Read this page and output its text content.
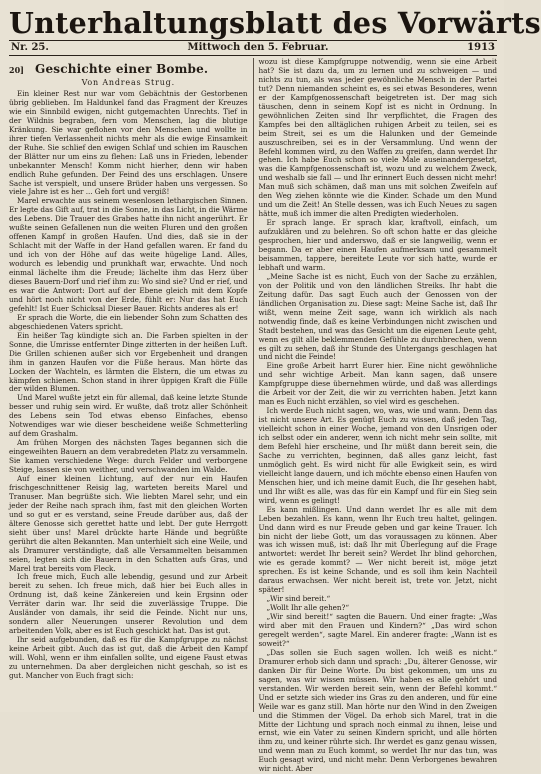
Unterhaltungsblatt des Vorwärts
Nr. 25.	Mittwoch den 5. Februar.	1913
20] Geschichte einer Bombe.
Von Andreas Strug.

Ein kleiner Rest nur war vom Gebächtnis der Gestorbenen übrig geblieben. Im Haldunkel fand das Fragment der Kreuzes wie ein Sinnbild ewigen, nicht gutgemachten Unrechts. Tief in der Wildnis begraben, fern vom Menschen, lag die blutige Kränkung. Sie war geflohen vor den Menschen und wollte in ihrer tiefen Verlassenheit nichts mehr als die ewige Einsamkeit der Ruhe. Sie schlief den ewigen Schlaf und schien im Rauschen der Blätter nur um eins zu flehen: Laß uns in Frieden, lebender unbekannter Mensch! Komm nicht hierher, denn wir haben endlich Ruhe gefunden. Der Feind des uns erschlagen. Unsere Sache ist verspielt, und unsere Brüder haben uns vergessen. So viele Jahre ist es her ... Geh fort und vergiß!

Marel erwachte aus seinem wesenlosen lethargischen Sinnen. Er legte das Gift auf, trat in die Sonne, in das Licht, in die Wärme des Lebens. Die Trauer des Grabes hatte ihn nicht angerührt. Er wußte seinen Gefallenen nun die weiten Fluren und den großen offenen Kampf in großen Haufen. Und dies, daß sie in der Schlacht mit der Waffe in der Hand gefallen waren. Er fand du und ich von der Höhe auf das weite hügelige Land. Alles, wodurch es lebendig und prunkhaft war, erwachte. Und noch einmal lächelte ihm die Freude; lächelte ihm das Herz über dieses Bauern-Dorf und rief ihm zu: Wo sind sie? Und er rief, und es war die Antwort: Dort auf der Ebene gleich mit dem Kopfe und hört noch nicht von der Erde, fühlt er: Nur das hat Euch gefehlt! Ist Euer Schicksal Dieser Bauer. Richts anderes als er!

Er sprach die Worte, die ein liebender Sohn zum Schatten des abgeschiedenen Vaters spricht.

Ein heißer Tag kündigte sich an. Die Farben spielten in der Sonne, die Umrisse entfernter Dinge zitterten in der heißen Luft. Die Grillen schienen außer sich vor Ergebenheit und drangen ihm in ganzen Haufen vor die Füße heraus. Man hörte das Locken der Wachteln, es lärmten die Elstern, die um etwas zu kämpfen schienen. Schon stand in ihrer üppigen Kraft die Fülle der wilden Blumen.

Und Marel wußte jetzt ein für allemal, daß keine letzte Stunde besser und ruhig sein wird. Er wußte, daß trotz aller Schönheit des Lebens sein Tod etwas ebenso Einfaches, ebenso Notwendiges war wie dieser bescheidene weiße Schmetterling auf dem Grashalm.

Am frühen Morgen des nächsten Tages begannen sich die eingeweihten Bauern an dem verabredeten Platz zu versammeln. Sie kamen verschiedene Wege: durch Felder und verborgene Steige, lassen sie von weither, und verschwanden im Walde.

Auf einer kleinen Lichtung, auf der nur ein Haufen frischgeschnittener Reisig lag, warteten bereits Marel und Tranuser. Man begrüßte sich. Wie liebten Marel sehr, und ein jeder der Reihe nach sprach ihm, fast mit den gleichen Worten und so gut er es verstand, seine Freude darüber aus, daß der ältere Genosse sich gerettet hatte und lebt. Der gute Herrgott sieht über uns! Marel drückte harte Hände und begrüßte gerührt die alten Bekannten. Man unterhielt sich eine Weile, und als Dramurer verständigte, daß alle Versammelten beisammen seien, legten sich die Bauern in den Schatten aufs Gras, und Marel trat bereits vom Fleck.

Ich freue mich, Euch alle lebendig, gesund und zur Arbeit bereit zu sehen. Ich freue mich, daß hier bei Euch alles in Ordnung ist, daß keine Zänkereien und kein Ergsinn oder Verräter darin war. Ihr seid die zuverlässige Truppe. Die Ausländer von damals, ihr seid die Feinde. Nicht nur uns, sondern aller Neuerungen unserer Revolution und dem arbeitenden Volk, aber es ist Euch geschickt hat. Das ist gut.

Ihr seid aufgebunden, daß es für die Kampfgruppe zu nächst keine Arbeit gibt. Auch das ist gut, daß die Arbeit den Kampf will. Wohl, wenn er ihm einfallen sollte, und eigene Faust etwas zu unternehmen. Da aber dergleichen nicht geschah, so ist es gut. Mancher von Euch fragt sich:

wozu ist diese Kampfgruppe notwendig, wenn sie eine Arbeit hat? Sie ist dazu da, um zu lernen und zu schweigen — und nichts zu tun, als was jeder gewöhnliche Mensch in der Partei tut? Denn niemanden scheint es, es sei etwas Besonderes, wenn er der Kampfgenossenschaft beigetreten ist. Der mag sich täuschen, denn in seinem Kopf ist es nicht in Ordnung. In gewöhnlichen Zeiten sind Ihr verpflichtet, die Fragen des Kampfes bei den alltäglichen ruhigen Arbeit zu teilen, sei es beim Streit, sei es um die Halunken und der Gemeinde auszuschreiben, sei es in der Versammlung. Und wenn der Befehl kommen wird, zu den Waffen zu greifen, dann werdet Ihr gehen. Ich habe Euch schon so viele Male auseinandergesetzt, was die Kampfgenossenschaft ist, wozu und zu welchem Zweck, und weshalb sie fall — und Ihr erinnert Euch dessen nicht mehr! Man muß sich schämen, daß man uns mit solchen Zweifeln auf den Weg ziehen könnte wie die Kinder. Schade um den Mund und um die Zeit! An Stelle dessen, was ich Euch Neues zu sagen hätte, muß ich immer die alten Predigten wiederholen.

Er sprach lange. Er sprach klar, kraftvoll, einfach, um aufzuklären und zu belehren. So oft schon hatte er das gleiche gesprochen, hier und anderswo, daß er sie langweilig, wenn er begann. Da er aber einen Haufen aufmerksam und gesammelt beisammen, tappere, bereitete Leute vor sich hatte, wurde er lebhaft und warm.

„Meine Sache ist es nicht, Euch von der Sache zu erzählen, von der Politik und von den ländlichen Streiks. Ihr habt die Zeitung dafür. Das sagt Euch auch der Genossen von der ländlichen Organisation zu. Diese sagt: Meine Sache ist, daß Ihr wißt, wenn meine Zeit sage, wann ich wirklich als nach notwendig finde, daß es keine Verbindungen nicht zwischen und Stadt bestehen, und was das Gesicht um die eigenen Leute geht, wenn es gilt alle beklemmenden Gefühle zu durchbrechen, wenn es gilt zu sehen, daß ihr Stunde des Untergangs geschlagen hat und nicht die Feinde!

Eine große Arbeit harrt Eurer hier. Eine nicht gewöhnliche und sehr wichtige Arbeit. Man kann sagen, daß unsere Kampfgruppe diese übernehmen würde, und daß was allerdings die Arbeit vor der Zeit, die wir zu verrichten haben. Jetzt kann man es Euch nicht erzählen, so viel wird es geschehen.

Ich werde Euch nicht sagen, wo, was, wie und wann. Denn das ist nicht unsere Art. Es genügt Euch zu wissen, daß jeden Tag, vielleicht schon in einer Woche, jemand von den Unsrigen oder ich selbst oder ein anderer, wenn ich nicht mehr sein sollte, mit dem Befehl hier erscheine, und Ihr müßt dann bereit sein, die Sache zu verrichten, beginnen, daß alles ganz leicht, fast unmöglich geht. Es wird nicht für alle Ewigkeit sein, es wird vielleicht lange dauern, und ich möchte ebenso einen Haufen von Menschen hier, und ich meine damit Euch, die Ihr gesehen habt, und Ihr wißt es alle, was das für ein Kampf und für ein Sieg sein wird, wenn es gelingt!

Es kann mißlingen. Und dann werdet Ihr es alle mit dem Leben bezahlen. Es kann, wenn Ihr Euch treu haltet, gelingen. Und dann wird es nur Freude geben und gar keine Trauer. Ich bin nicht der liebe Gott, um das voraussagen zu können. Aber was ich wissen muß, ist: daß Ihr mit Überlegung auf die Frage antwortet: werdet Ihr bereit sein? Werdet Ihr blind gehorchen, wie es gerade kommt? — Wer nicht bereit ist, möge jetzt sprechen. Es ist keine Schande, und es soll ihm kein Nachteil daraus erwachsen. Wer nicht bereit ist, trete vor. Jetzt, nicht später!

„Wir sind bereit.“

„Wollt Ihr alle gehen?“

„Wir sind bereit!“ sagten die Bauern. Und einer fragte: „Was wird aber mit den Frauen und Kindern?“ „Das wird schon geregelt werden“, sagte Marel. Ein anderer fragte: „Wann ist es soweit?“

„Das sollen sie Euch sagen wollen. Ich weiß es nicht.“ Dramurer erhob sich dann und sprach: „Du, älterer Genosse, wir danken Dir für Deine Worte. Du bist gekommen, um uns zu sagen, was wir wissen müssen. Wir haben es alle gehört und verstanden. Wir werden bereit sein, wenn der Befehl kommt.“ Und er setzte sich wieder ins Gras zu den anderen, und für eine Weile war es ganz still. Man hörte nur den Wind in den Zweigen und die Stimmen der Vögel. Da erhob sich Marel, trat in die Mitte der Lichtung und sprach noch einmal zu ihnen, leise und ernst, wie ein Vater zu seinen Kindern spricht, und alle hörten ihm zu, und keiner rührte sich. Ihr werdet es ganz genau wissen, und wenn man zu Euch kommt, so werdet Ihr nur das tun, was Euch gesagt wird, und nicht mehr. Denn Verborgenes bewahren wir nicht. Aber
